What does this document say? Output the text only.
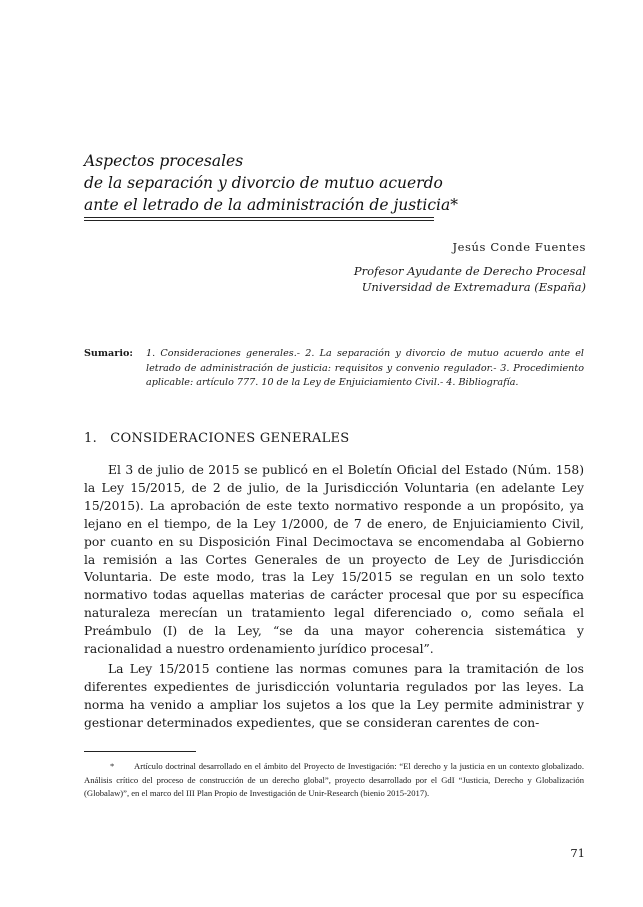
Aspectos procesales
de la separación y divorcio de mutuo acuerdo
ante el letrado de la administración de justicia*
Jesús Conde Fuentes
Profesor Ayudante de Derecho Procesal
Universidad de Extremadura (España)
Sumario: 1. Consideraciones generales.- 2. La separación y divorcio de mutuo acuerdo ante el letrado de administración de justicia: requisitos y convenio regulador.- 3. Procedimiento aplicable: artículo 777. 10 de la Ley de Enjuiciamiento Civil.- 4. Bibliografía.
1. CONSIDERACIONES GENERALES
El 3 de julio de 2015 se publicó en el Boletín Oficial del Estado (Núm. 158) la Ley 15/2015, de 2 de julio, de la Jurisdicción Voluntaria (en adelante Ley 15/2015). La aprobación de este texto normativo responde a un propósito, ya lejano en el tiempo, de la Ley 1/2000, de 7 de enero, de Enjuiciamiento Civil, por cuanto en su Disposición Final Decimoctava se encomendaba al Gobierno la remisión a las Cortes Generales de un proyecto de Ley de Jurisdicción Voluntaria. De este modo, tras la Ley 15/2015 se regulan en un solo texto normativo todas aquellas materias de carácter procesal que por su específica naturaleza merecían un tratamiento legal diferenciado o, como señala el Preámbulo (I) de la Ley, “se da una mayor coherencia sistemática y racionalidad a nuestro ordenamiento jurídico procesal”.
La Ley 15/2015 contiene las normas comunes para la tramitación de los diferentes expedientes de jurisdicción voluntaria regulados por las leyes. La norma ha venido a ampliar los sujetos a los que la Ley permite administrar y gestionar determinados expedientes, que se consideran carentes de con-
* Artículo doctrinal desarrollado en el ámbito del Proyecto de Investigación: “El derecho y la justicia en un contexto globalizado. Análisis crítico del proceso de construcción de un derecho global”, proyecto desarrollado por el GdI “Justicia, Derecho y Globalización (Globalaw)”, en el marco del III Plan Propio de Investigación de Unir-Research (bienio 2015-2017).
71
